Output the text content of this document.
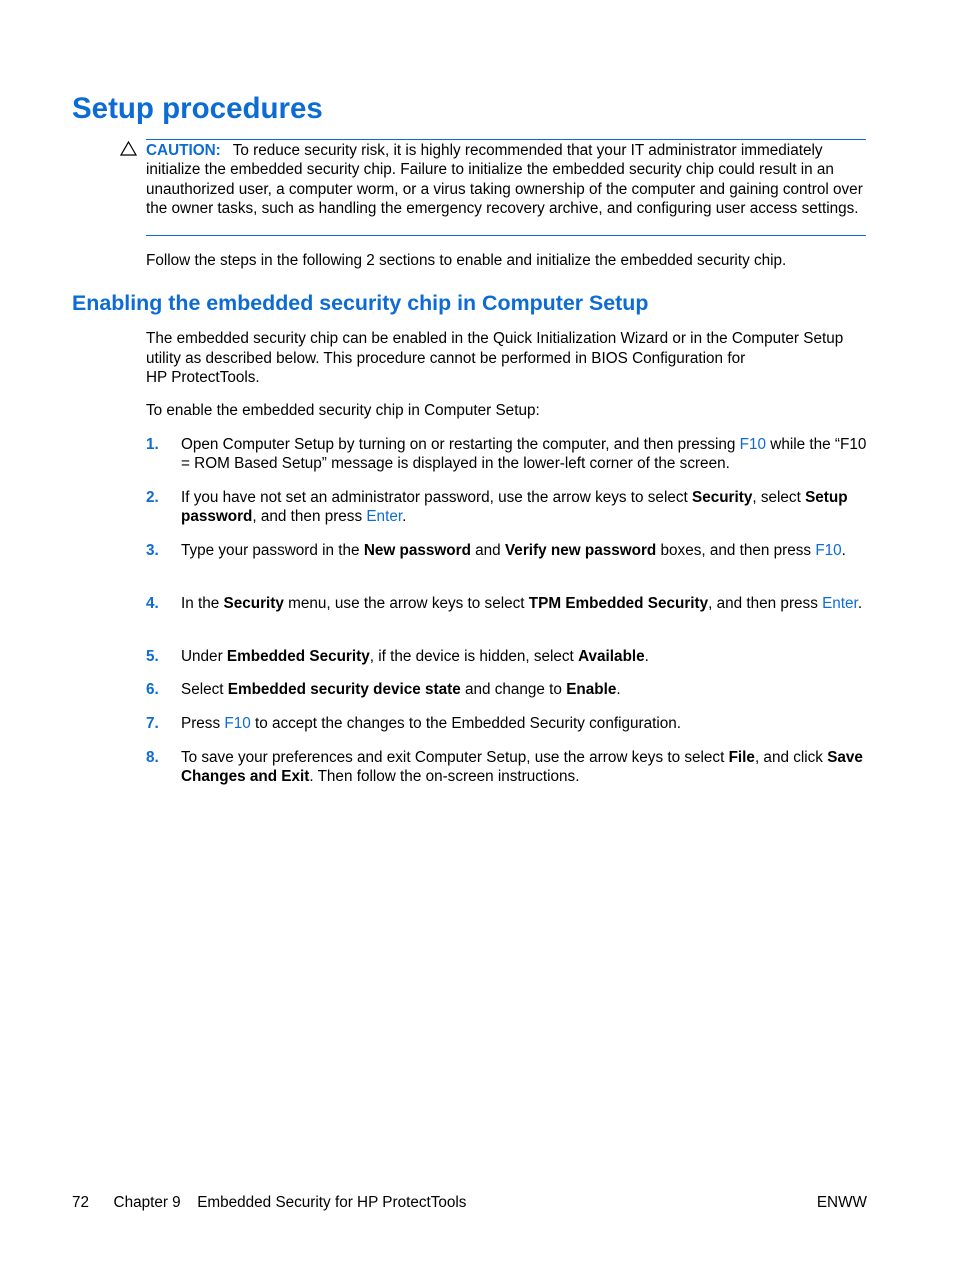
Setup procedures
CAUTION: To reduce security risk, it is highly recommended that your IT administrator immediately initialize the embedded security chip. Failure to initialize the embedded security chip could result in an unauthorized user, a computer worm, or a virus taking ownership of the computer and gaining control over the owner tasks, such as handling the emergency recovery archive, and configuring user access settings.

Follow the steps in the following 2 sections to enable and initialize the embedded security chip.

Enabling the embedded security chip in Computer Setup

The embedded security chip can be enabled in the Quick Initialization Wizard or in the Computer Setup utility as described below. This procedure cannot be performed in BIOS Configuration for
HP ProtectTools.

To enable the embedded security chip in Computer Setup:

1. Open Computer Setup by turning on or restarting the computer, and then pressing F10 while the “F10 = ROM Based Setup” message is displayed in the lower-left corner of the screen.
2. If you have not set an administrator password, use the arrow keys to select Security, select Setup password, and then press Enter.
3. Type your password in the New password and Verify new password boxes, and then press F10.
4. In the Security menu, use the arrow keys to select TPM Embedded Security, and then press Enter.
5. Under Embedded Security, if the device is hidden, select Available.
6. Select Embedded security device state and change to Enable.
7. Press F10 to accept the changes to the Embedded Security configuration.
8. To save your preferences and exit Computer Setup, use the arrow keys to select File, and click Save Changes and Exit. Then follow the on-screen instructions.
72 Chapter 9 Embedded Security for HP ProtectTools	ENWW
